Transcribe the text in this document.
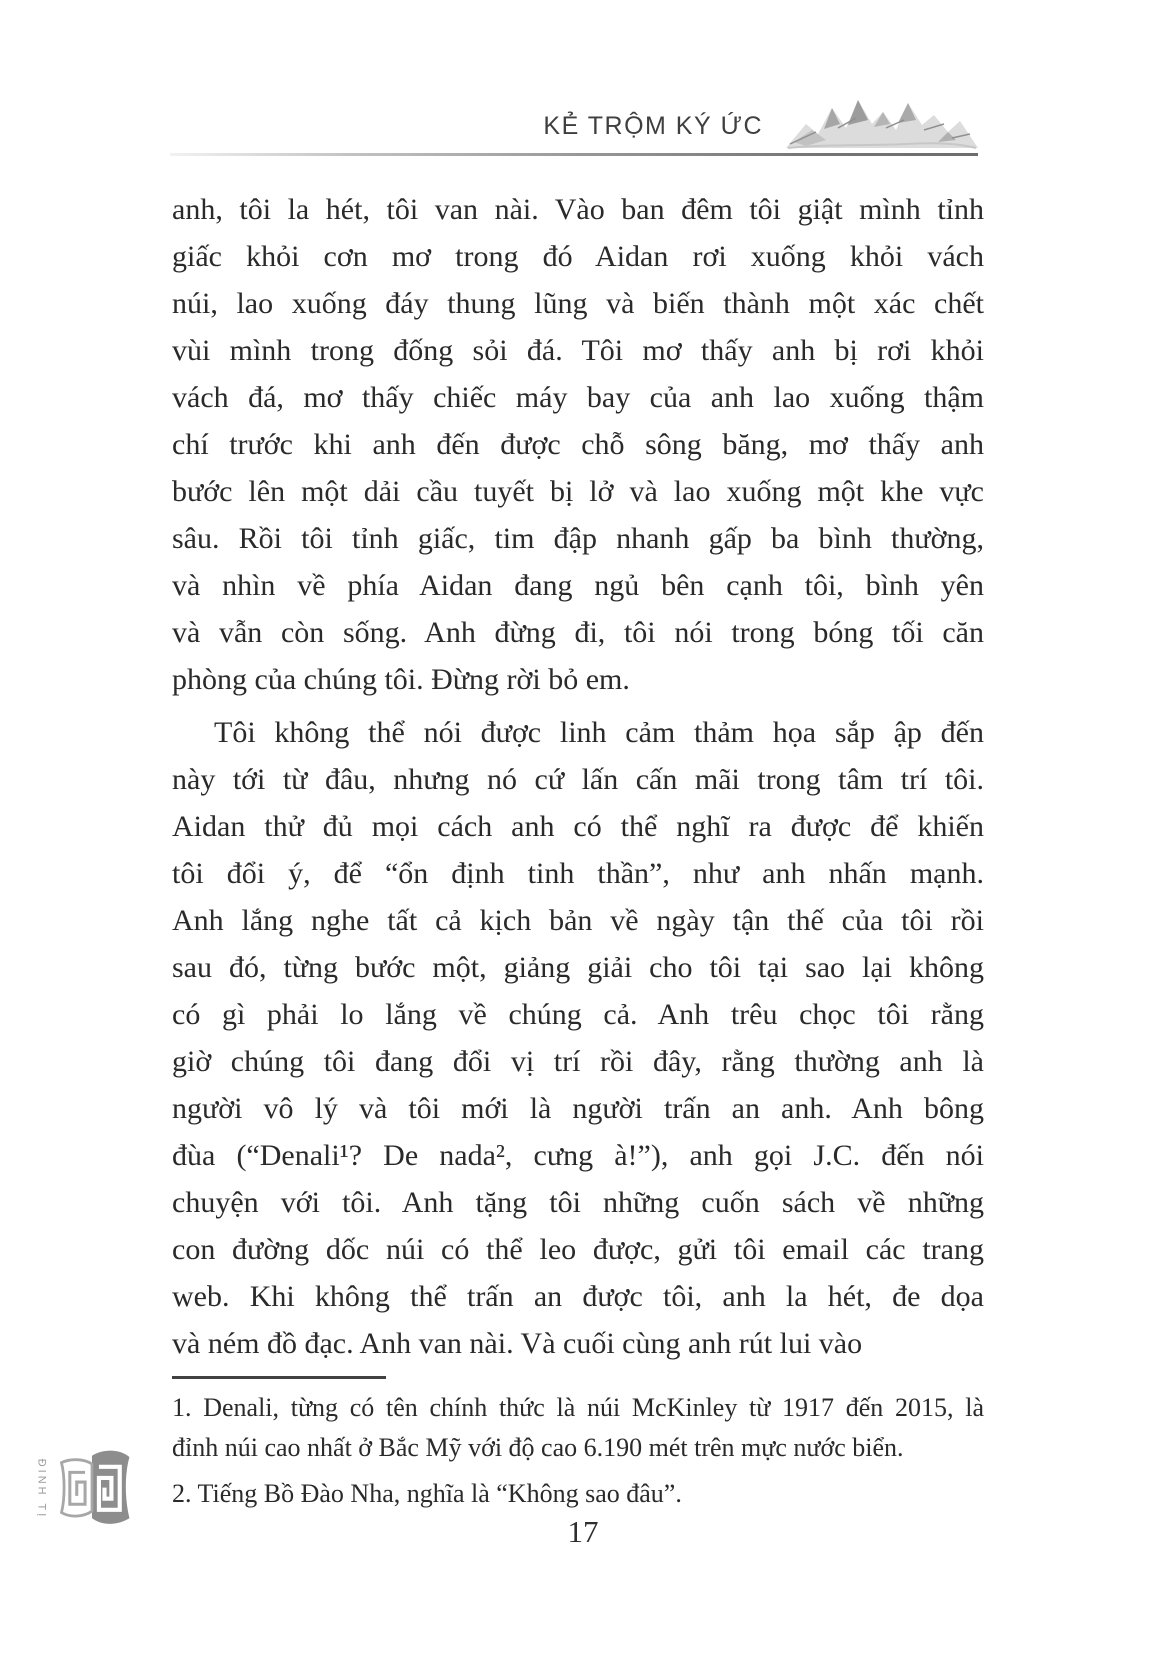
KẺ TRỘM KÝ ỨC
anh, tôi la hét, tôi van nài. Vào ban đêm tôi giật mình tỉnh
giấc khỏi cơn mơ trong đó Aidan rơi xuống khỏi vách
núi, lao xuống đáy thung lũng và biến thành một xác chết
vùi mình trong đống sỏi đá. Tôi mơ thấy anh bị rơi khỏi
vách đá, mơ thấy chiếc máy bay của anh lao xuống thậm
chí trước khi anh đến được chỗ sông băng, mơ thấy anh
bước lên một dải cầu tuyết bị lở và lao xuống một khe vực
sâu. Rồi tôi tỉnh giấc, tim đập nhanh gấp ba bình thường,
và nhìn về phía Aidan đang ngủ bên cạnh tôi, bình yên
và vẫn còn sống. Anh đừng đi, tôi nói trong bóng tối căn
phòng của chúng tôi. Đừng rời bỏ em.
Tôi không thể nói được linh cảm thảm họa sắp ập đến
này tới từ đâu, nhưng nó cứ lấn cấn mãi trong tâm trí tôi.
Aidan thử đủ mọi cách anh có thể nghĩ ra được để khiến
tôi đổi ý, để “ổn định tinh thần”, như anh nhấn mạnh.
Anh lắng nghe tất cả kịch bản về ngày tận thế của tôi rồi
sau đó, từng bước một, giảng giải cho tôi tại sao lại không
có gì phải lo lắng về chúng cả. Anh trêu chọc tôi rằng
giờ chúng tôi đang đổi vị trí rồi đây, rằng thường anh là
người vô lý và tôi mới là người trấn an anh. Anh bông
đùa (“Denali¹? De nada², cưng à!”), anh gọi J.C. đến nói
chuyện với tôi. Anh tặng tôi những cuốn sách về những
con đường dốc núi có thể leo được, gửi tôi email các trang
web. Khi không thể trấn an được tôi, anh la hét, đe dọa
và ném đồ đạc. Anh van nài. Và cuối cùng anh rút lui vào
1. Denali, từng có tên chính thức là núi McKinley từ 1917 đến 2015, là
đỉnh núi cao nhất ở Bắc Mỹ với độ cao 6.190 mét trên mực nước biển.
2. Tiếng Bồ Đào Nha, nghĩa là “Không sao đâu”.
ĐINH TỊ
17
